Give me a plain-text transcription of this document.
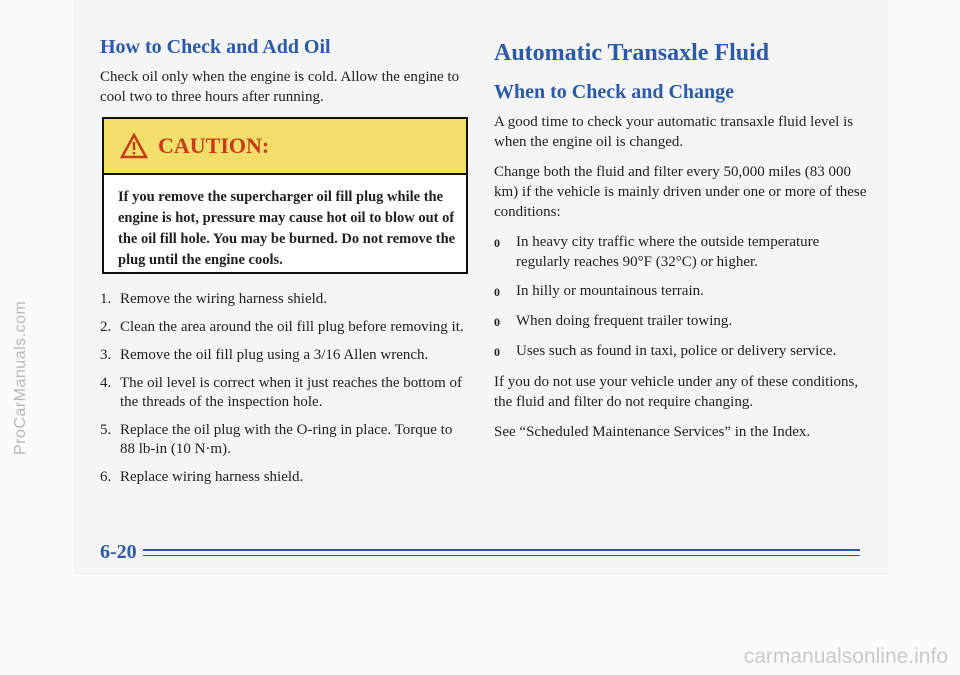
ProCarManuals.com
How to Check and Add Oil

Check oil only when the engine is cold. Allow the engine to cool two to three hours after running.

CAUTION:
If you remove the supercharger oil fill plug while the engine is hot, pressure may cause hot oil to blow out of the oil fill hole. You may be burned. Do not remove the plug until the engine cools.
1. Remove the wiring harness shield.
2. Clean the area around the oil fill plug before removing it.
3. Remove the oil fill plug using a 3/16 Allen wrench.
4. The oil level is correct when it just reaches the bottom of the threads of the inspection hole.
5. Replace the oil plug with the O-ring in place. Torque to 88 lb-in (10 N·m).
6. Replace wiring harness shield.
Automatic Transaxle Fluid
When to Check and Change

A good time to check your automatic transaxle fluid level is when the engine oil is changed.

Change both the fluid and filter every 50,000 miles (83 000 km) if the vehicle is mainly driven under one or more of these conditions:

0	In heavy city traffic where the outside temperature regularly reaches 90°F (32°C) or higher.
0	In hilly or mountainous terrain.
0	When doing frequent trailer towing.
0	Uses such as found in taxi, police or delivery service.

If you do not use your vehicle under any of these conditions, the fluid and filter do not require changing.

See “Scheduled Maintenance Services” in the Index.

6-20
carmanualsonline.info
